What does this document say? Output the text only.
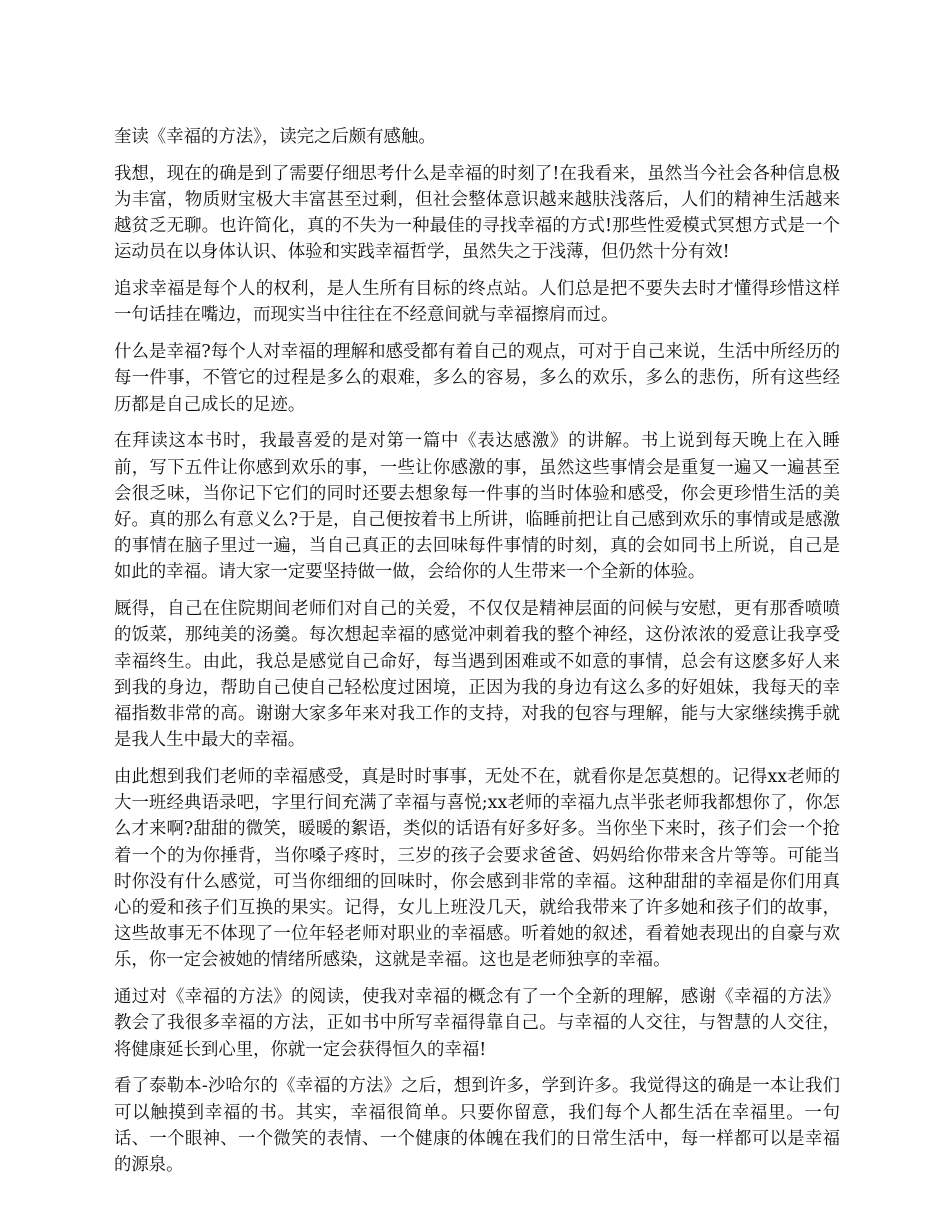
奎读《幸福的方法》，读完之后颇有感触。

我想，现在的确是到了需要仔细思考什么是幸福的时刻了!在我看来，虽然当今社会各种信息极为丰富，物质财宝极大丰富甚至过剩，但社会整体意识越来越肤浅落后，人们的精神生活越来越贫乏无聊。也许简化，真的不失为一种最佳的寻找幸福的方式!那些性爱模式冥想方式是一个运动员在以身体认识、体验和实践幸福哲学，虽然失之于浅薄，但仍然十分有效!

追求幸福是每个人的权利，是人生所有目标的终点站。人们总是把不要失去时才懂得珍惜这样一句话挂在嘴边，而现实当中往往在不经意间就与幸福擦肩而过。

什么是幸福?每个人对幸福的理解和感受都有着自己的观点，可对于自己来说，生活中所经历的每一件事，不管它的过程是多么的艰难，多么的容易，多么的欢乐，多么的悲伤，所有这些经历都是自己成长的足迹。

在拜读这本书时，我最喜爱的是对第一篇中《表达感激》的讲解。书上说到每天晚上在入睡前，写下五件让你感到欢乐的事，一些让你感激的事，虽然这些事情会是重复一遍又一遍甚至会很乏味，当你记下它们的同时还要去想象每一件事的当时体验和感受，你会更珍惜生活的美好。真的那么有意义么?于是，自己便按着书上所讲，临睡前把让自己感到欢乐的事情或是感激的事情在脑子里过一遍，当自己真正的去回味每件事情的时刻，真的会如同书上所说，自己是如此的幸福。请大家一定要坚持做一做，会给你的人生带来一个全新的体验。

厩得，自己在住院期间老师们对自己的关爱，不仅仅是精神层面的问候与安慰，更有那香喷喷的饭菜，那纯美的汤羹。每次想起幸福的感觉冲刺着我的整个神经，这份浓浓的爱意让我享受幸福终生。由此，我总是感觉自己命好，每当遇到困难或不如意的事情，总会有这麽多好人来到我的身边，帮助自己使自己轻松度过困境，正因为我的身边有这么多的好姐妹，我每天的幸福指数非常的高。谢谢大家多年来对我工作的支持，对我的包容与理解，能与大家继续携手就是我人生中最大的幸福。

由此想到我们老师的幸福感受，真是时时事事，无处不在，就看你是怎莫想的。记得xx老师的大一班经典语录吧，字里行间充满了幸福与喜悦;xx老师的幸福九点半张老师我都想你了，你怎么才来啊?甜甜的微笑，暖暖的絮语，类似的话语有好多好多。当你坐下来时，孩子们会一个抢着一个的为你捶背，当你嗓子疼时，三岁的孩子会要求爸爸、妈妈给你带来含片等等。可能当时你没有什么感觉，可当你细细的回味时，你会感到非常的幸福。这种甜甜的幸福是你们用真心的爱和孩子们互换的果实。记得，女儿上班没几天，就给我带来了许多她和孩子们的故事，这些故事无不体现了一位年轻老师对职业的幸福感。听着她的叙述，看着她表现出的自豪与欢乐，你一定会被她的情绪所感染，这就是幸福。这也是老师独享的幸福。

通过对《幸福的方法》的阅读，使我对幸福的概念有了一个全新的理解，感谢《幸福的方法》教会了我很多幸福的方法，正如书中所写幸福得靠自己。与幸福的人交往，与智慧的人交往，将健康延长到心里，你就一定会获得恒久的幸福!

看了泰勒本-沙哈尔的《幸福的方法》之后，想到许多，学到许多。我觉得这的确是一本让我们可以触摸到幸福的书。其实，幸福很简单。只要你留意，我们每个人都生活在幸福里。一句话、一个眼神、一个微笑的表情、一个健康的体魄在我们的日常生活中，每一样都可以是幸福的源泉。
